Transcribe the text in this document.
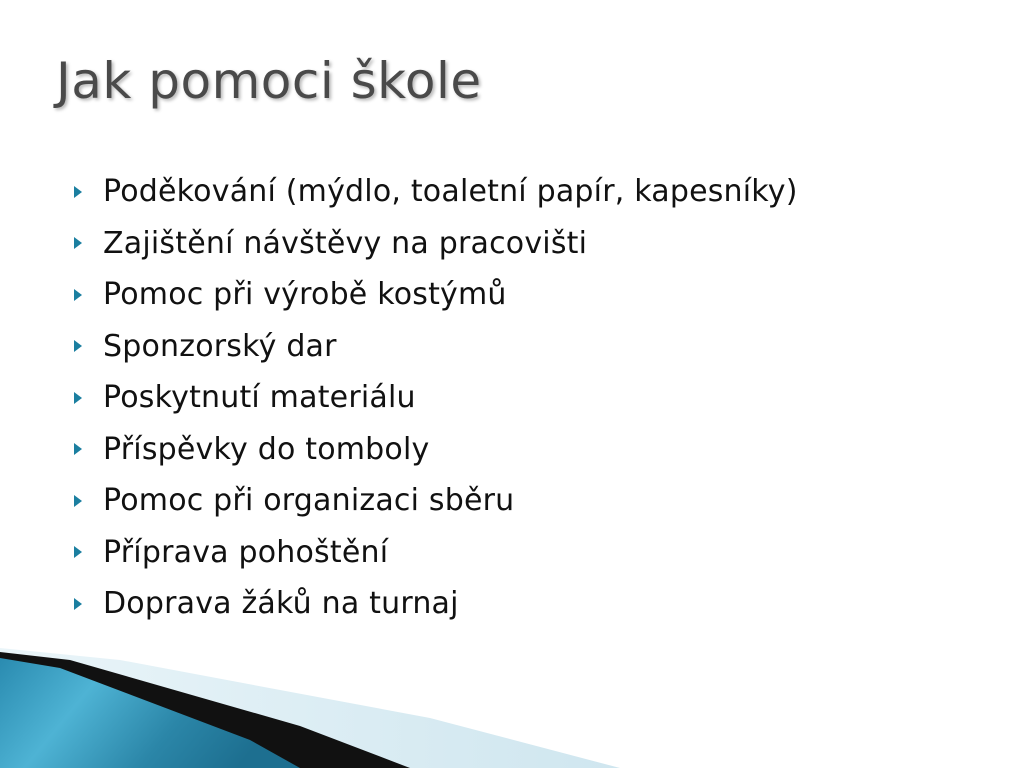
Jak pomoci škole
Poděkování (mýdlo, toaletní papír, kapesníky)
Zajištění návštěvy na pracovišti
Pomoc při výrobě kostýmů
Sponzorský dar
Poskytnutí materiálu
Příspěvky do tomboly
Pomoc při organizaci sběru
Příprava pohoštění
Doprava žáků na turnaj
